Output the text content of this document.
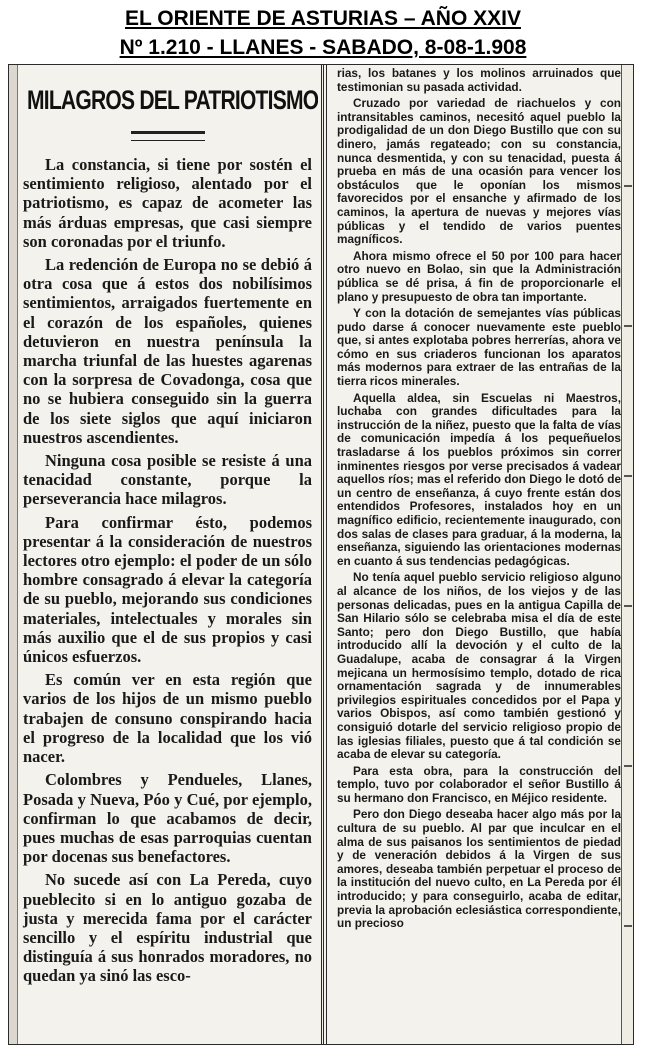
EL ORIENTE DE ASTURIAS – AÑO XXIV
Nº 1.210 - LLANES - SABADO, 8-08-1.908
MILAGROS DEL PATRIOTISMO

La constancia, si tiene por sostén el sentimiento religioso, alentado por el patriotismo, es capaz de acometer las más árduas empresas, que casi siempre son coronadas por el triunfo.

La redención de Europa no se debió á otra cosa que á estos dos nobilísimos sentimientos, arraigados fuertemente en el corazón de los españoles, quienes detuvieron en nuestra península la marcha triunfal de las huestes agarenas con la sorpresa de Covadonga, cosa que no se hubiera conseguido sin la guerra de los siete siglos que aquí iniciaron nuestros ascendientes.

Ninguna cosa posible se resiste á una tenacidad constante, porque la perseverancia hace milagros.

Para confirmar ésto, podemos presentar á la consideración de nuestros lectores otro ejemplo: el poder de un sólo hombre consagrado á elevar la categoría de su pueblo, mejorando sus condiciones materiales, intelectuales y morales sin más auxilio que el de sus propios y casi únicos esfuerzos.

Es común ver en esta región que varios de los hijos de un mismo pueblo trabajen de consuno conspirando hacia el progreso de la localidad que los vió nacer.

Colombres y Pendueles, Llanes, Posada y Nueva, Póo y Cué, por ejemplo, confirman lo que acabamos de decir, pues muchas de esas parroquias cuentan por docenas sus benefactores.

No sucede así con La Pereda, cuyo pueblecito si en lo antiguo gozaba de justa y merecida fama por el carácter sencillo y el espíritu industrial que distinguía á sus honrados moradores, no quedan ya sinó las esco-

rias, los batanes y los molinos arruinados que testimonian su pasada actividad.

Cruzado por variedad de riachuelos y con intransitables caminos, necesitó aquel pueblo la prodigalidad de un don Diego Bustillo que con su dinero, jamás regateado; con su constancia, nunca desmentida, y con su tenacidad, puesta á prueba en más de una ocasión para vencer los obstáculos que le oponían los mismos favorecidos por el ensanche y afirmado de los caminos, la apertura de nuevas y mejores vías públicas y el tendido de varios puentes magníficos.

Ahora mismo ofrece el 50 por 100 para hacer otro nuevo en Bolao, sin que la Administración pública se dé prisa, á fin de proporcionarle el plano y presupuesto de obra tan importante.

Y con la dotación de semejantes vías públicas pudo darse á conocer nuevamente este pueblo que, si antes explotaba pobres herrerías, ahora ve cómo en sus criaderos funcionan los aparatos más modernos para extraer de las entrañas de la tierra ricos minerales.

Aquella aldea, sin Escuelas ni Maestros, luchaba con grandes dificultades para la instrucción de la niñez, puesto que la falta de vías de comunicación impedía á los pequeñuelos trasladarse á los pueblos próximos sin correr inminentes riesgos por verse precisados á vadear aquellos ríos; mas el referido don Diego le dotó de un centro de enseñanza, á cuyo frente están dos entendidos Profesores, instalados hoy en un magnífico edificio, recientemente inaugurado, con dos salas de clases para graduar, á la moderna, la enseñanza, siguiendo las orientaciones modernas en cuanto á sus tendencias pedagógicas.

No tenía aquel pueblo servicio religioso alguno al alcance de los niños, de los viejos y de las personas delicadas, pues en la antigua Capilla de San Hilario sólo se celebraba misa el día de este Santo; pero don Diego Bustillo, que había introducido allí la devoción y el culto de la Guadalupe, acaba de consagrar á la Virgen mejicana un hermosísimo templo, dotado de rica ornamentación sagrada y de innumerables privilegios espirituales concedidos por el Papa y varios Obispos, así como también gestionó y consiguió dotarle del servicio religioso propio de las iglesias filiales, puesto que á tal condición se acaba de elevar su categoría.

Para esta obra, para la construcción del templo, tuvo por colaborador el señor Bustillo á su hermano don Francisco, en Méjico residente.

Pero don Diego deseaba hacer algo más por la cultura de su pueblo. Al par que inculcar en el alma de sus paisanos los sentimientos de piedad y de veneración debidos á la Virgen de sus amores, deseaba también perpetuar el proceso de la institución del nuevo culto, en La Pereda por él introducido; y para conseguirlo, acaba de editar, previa la aprobación eclesiástica correspondiente, un precioso
